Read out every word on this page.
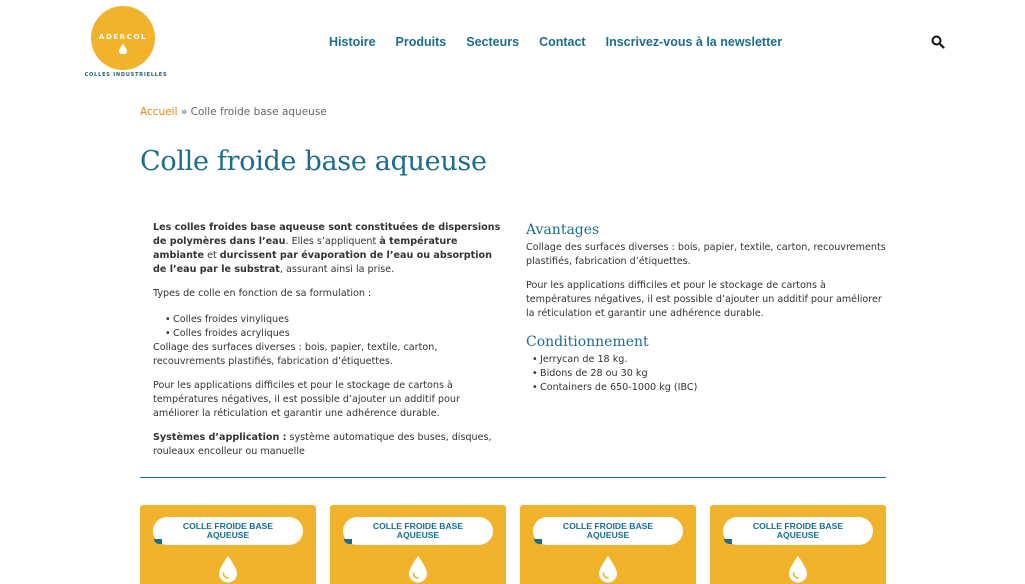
ADERCOL
COLLES INDUSTRIELLES
Histoire Produits Secteurs Contact Inscrivez-vous à la newsletter
Accueil » Colle froide base aqueuse
Colle froide base aqueuse

Les colles froides base aqueuse sont constituées de dispersions de polymères dans l’eau. Elles s’appliquent à température ambiante et durcissent par évaporation de l’eau ou absorption de l’eau par le substrat, assurant ainsi la prise.

Types de colle en fonction de sa formulation :

• Colles froides vinyliques
• Colles froides acryliques

Collage des surfaces diverses : bois, papier, textile, carton, recouvrements plastifiés, fabrication d’étiquettes.

Pour les applications difficiles et pour le stockage de cartons à températures négatives, il est possible d’ajouter un additif pour améliorer la réticulation et garantir une adhérence durable.

Systèmes d’application : système automatique des buses, disques, rouleaux encolleur ou manuelle

Avantages

Collage des surfaces diverses : bois, papier, textile, carton, recouvrements plastifiés, fabrication d’étiquettes.

Pour les applications difficiles et pour le stockage de cartons à températures négatives, il est possible d’ajouter un additif pour améliorer la réticulation et garantir une adhérence durable.

Conditionnement
• Jerrycan de 18 kg.
• Bidons de 28 ou 30 kg
• Containers de 650-1000 kg (IBC)
COLLE FROIDE BASE AQUEUSE
COLLE FROIDE BASE AQUEUSE
COLLE FROIDE BASE AQUEUSE
COLLE FROIDE BASE AQUEUSE
